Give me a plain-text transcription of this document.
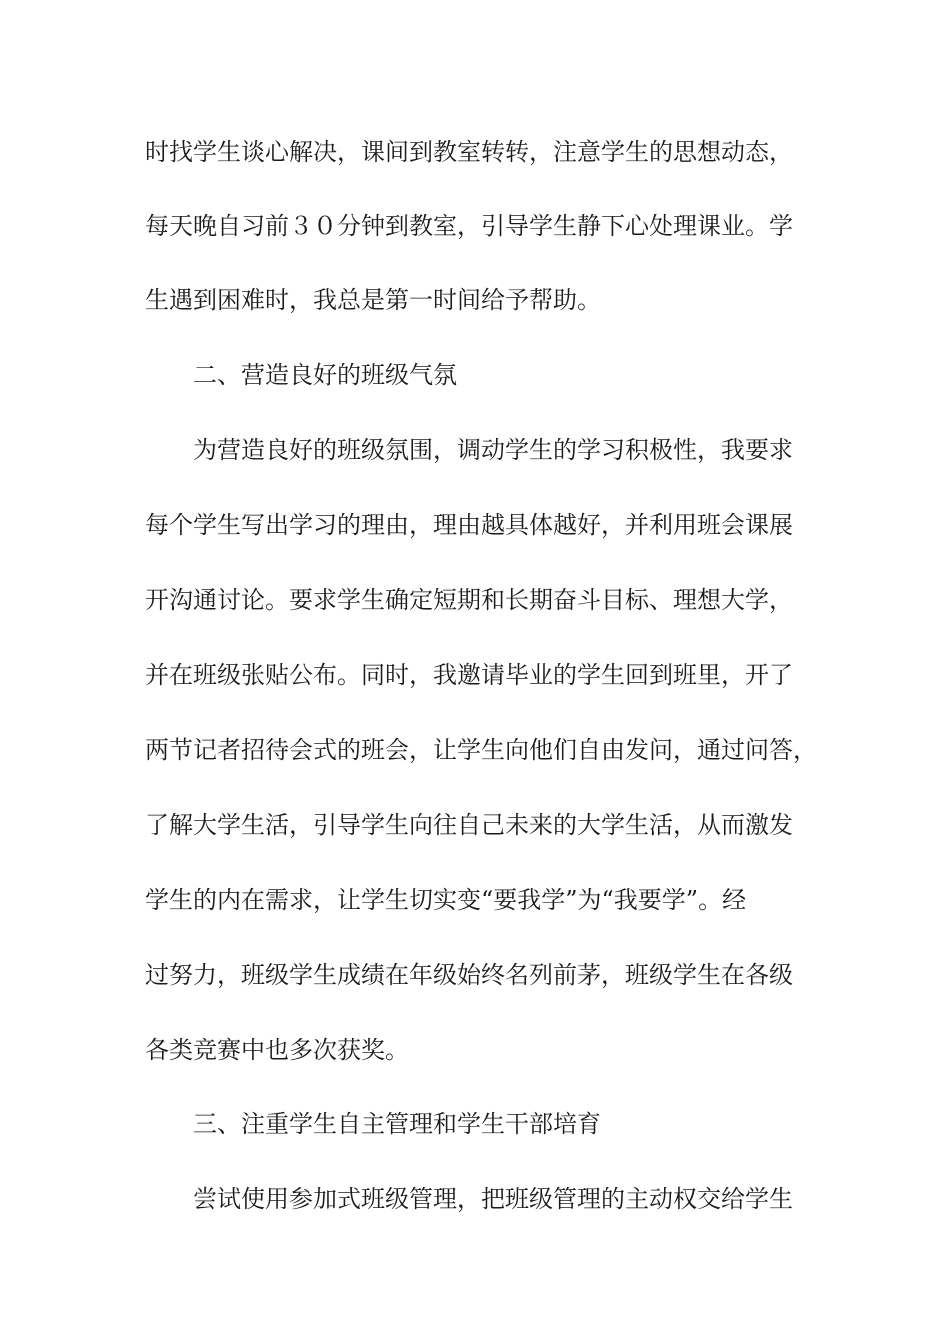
时找学生谈心解决，课间到教室转转，注意学生的思想动态，

每天晚自习前３０分钟到教室，引导学生静下心处理课业。学

生遇到困难时，我总是第一时间给予帮助。

二、营造良好的班级气氛

为营造良好的班级氛围，调动学生的学习积极性，我要求

每个学生写出学习的理由，理由越具体越好，并利用班会课展

开沟通讨论。要求学生确定短期和长期奋斗目标、理想大学，

并在班级张贴公布。同时，我邀请毕业的学生回到班里，开了

两节记者招待会式的班会，让学生向他们自由发问，通过问答，

了解大学生活，引导学生向往自己未来的大学生活，从而激发

学生的内在需求，让学生切实变“要我学”为“我要学”。经

过努力，班级学生成绩在年级始终名列前茅，班级学生在各级

各类竞赛中也多次获奖。

三、注重学生自主管理和学生干部培育

尝试使用参加式班级管理，把班级管理的主动权交给学生
